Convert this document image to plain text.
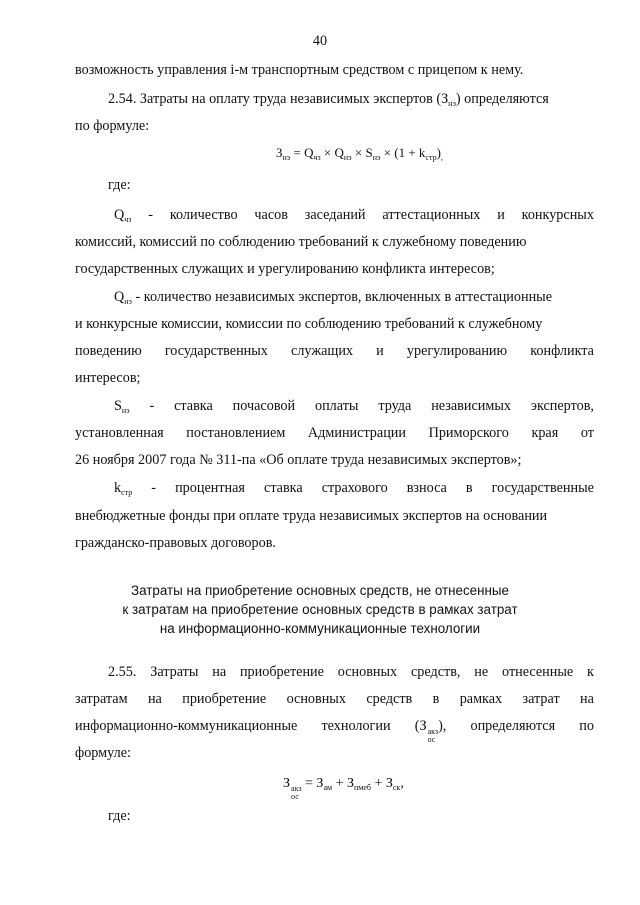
40
возможность управления i-м транспортным средством с прицепом к нему.
2.54. Затраты на оплату труда независимых экспертов $(З_{нэ})$ определяются
по формуле:
$З_{нэ} = Q_{чз} \times Q_{нэ} \times S_{нэ} \times (1 + k_{стр})_,$
где:
$Q_{чз}$ - количество часов заседаний аттестационных и конкурсных
комиссий, комиссий по соблюдению требований к служебному поведению
государственных служащих и урегулированию конфликта интересов;
$Q_{нэ}$ - количество независимых экспертов, включенных в аттестационные
и конкурсные комиссии, комиссии по соблюдению требований к служебному
поведению государственных служащих и урегулированию конфликта
интересов;
$S_{нэ}$ - ставка почасовой оплаты труда независимых экспертов,
установленная постановлением Администрации Приморского края от
26 ноября 2007 года № 311-па «Об оплате труда независимых экспертов»;
$k_{стр}$ - процентная ставка страхового взноса в государственные
внебюджетные фонды при оплате труда независимых экспертов на основании
гражданско-правовых договоров.
Затраты на приобретение основных средств, не отнесенные
к затратам на приобретение основных средств в рамках затрат
на информационно-коммуникационные технологии
2.55. Затраты на приобретение основных средств, не отнесенные к
затратам на приобретение основных средств в рамках затрат на
информационно-коммуникационные технологии (З акз
ос
), определяются по
формуле:
З акз
ос
= $З_{ам} + З_{пмеб} + З_{ск}$,
где:
